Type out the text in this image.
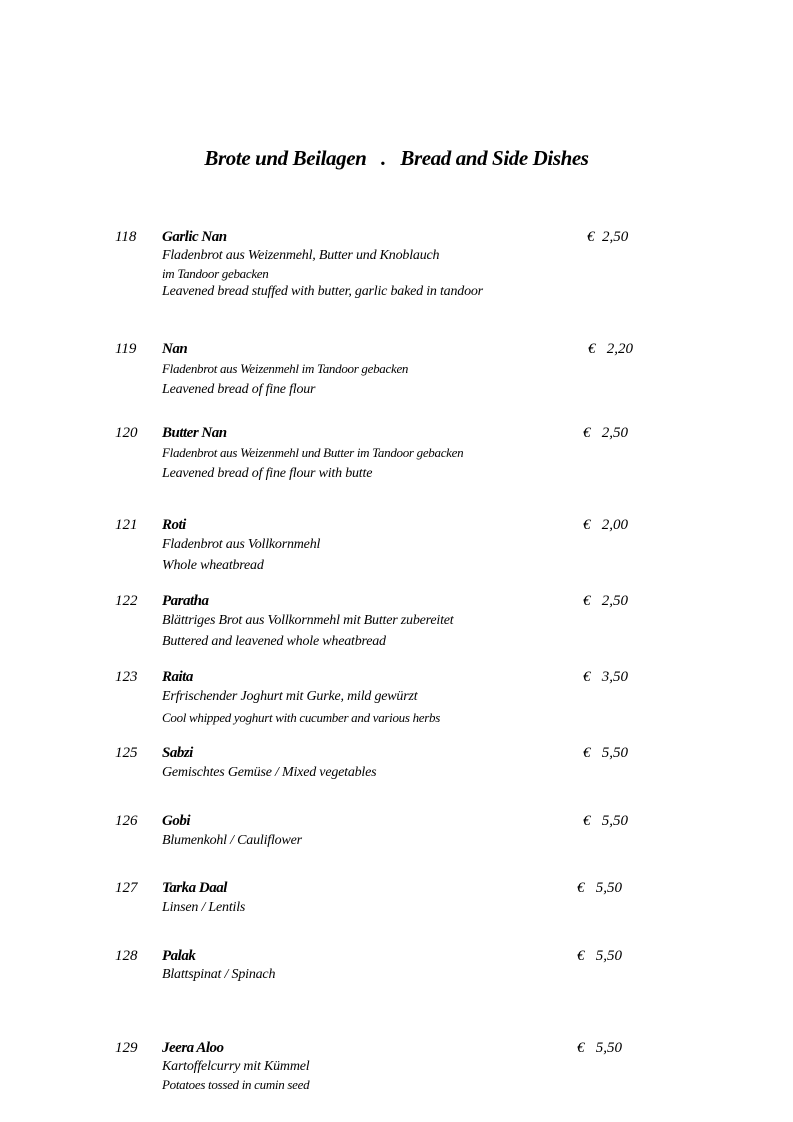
Brote und Beilagen   .   Bread and Side Dishes
118 Garlic Nan	€  2,50
Fladenbrot aus Weizenmehl, Butter und Knoblauch
im Tandoor gebacken
Leavened bread stuffed with butter, garlic baked in tandoor
119 Nan	€   2,20
Fladenbrot aus Weizenmehl im Tandoor gebacken
Leavened bread of fine flour
120 Butter Nan	€   2,50
Fladenbrot aus Weizenmehl und Butter im Tandoor gebacken
Leavened bread of fine flour with butte
121 Roti	€   2,00
Fladenbrot aus Vollkornmehl
Whole wheatbread
122 Paratha	€   2,50
Blättriges Brot aus Vollkornmehl mit Butter zubereitet
Buttered and leavened whole wheatbread
123 Raita	€   3,50
Erfrischender Joghurt mit Gurke, mild gewürzt
Cool whipped yoghurt with cucumber and various herbs
125 Sabzi	€   5,50
Gemischtes Gemüse / Mixed vegetables
126 Gobi	€   5,50
Blumenkohl / Cauliflower
127 Tarka Daal	€   5,50
Linsen / Lentils
128 Palak	€   5,50
Blattspinat / Spinach
129 Jeera Aloo	€   5,50
Kartoffelcurry mit Kümmel
Potatoes tossed in cumin seed
